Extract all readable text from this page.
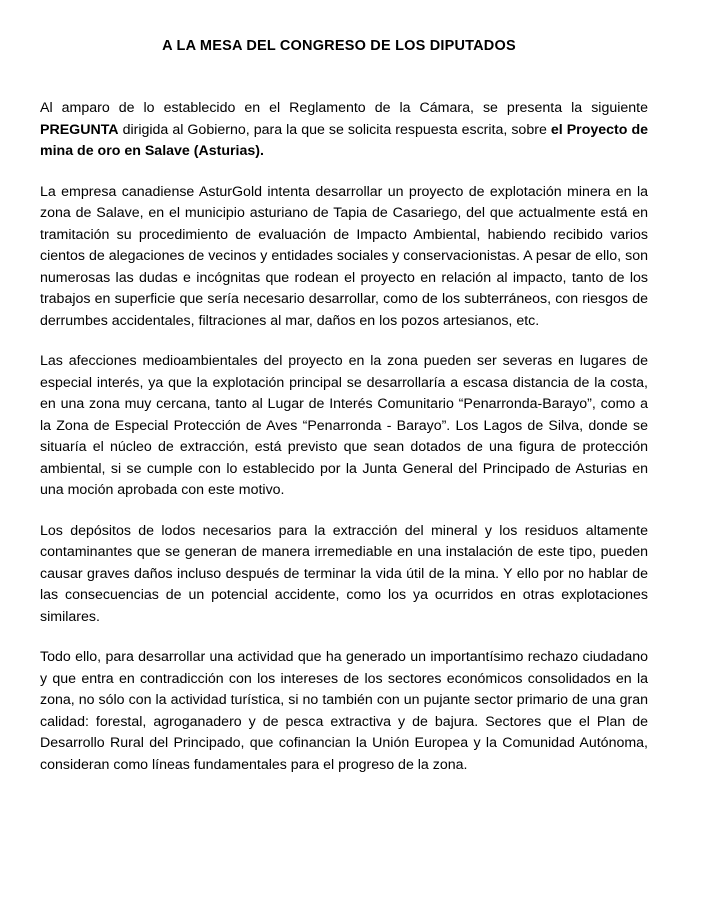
A LA MESA DEL CONGRESO DE LOS DIPUTADOS

Al amparo de lo establecido en el Reglamento de la Cámara, se presenta la siguiente PREGUNTA dirigida al Gobierno, para la que se solicita respuesta escrita, sobre el Proyecto de mina de oro en Salave (Asturias).

La empresa canadiense AsturGold intenta desarrollar un proyecto de explotación minera en la zona de Salave, en el municipio asturiano de Tapia de Casariego, del que actualmente está en tramitación su procedimiento de evaluación de Impacto Ambiental, habiendo recibido varios cientos de alegaciones de vecinos y entidades sociales y conservacionistas. A pesar de ello, son numerosas las dudas e incógnitas que rodean el proyecto en relación al impacto, tanto de los trabajos en superficie que sería necesario desarrollar, como de los subterráneos, con riesgos de derrumbes accidentales, filtraciones al mar, daños en los pozos artesianos, etc.

Las afecciones medioambientales del proyecto en la zona pueden ser severas en lugares de especial interés, ya que la explotación principal se desarrollaría a escasa distancia de la costa, en una zona muy cercana, tanto al Lugar de Interés Comunitario “Penarronda-Barayo”, como a la Zona de Especial Protección de Aves “Penarronda - Barayo”. Los Lagos de Silva, donde se situaría el núcleo de extracción, está previsto que sean dotados de una figura de protección ambiental, si se cumple con lo establecido por la Junta General del Principado de Asturias en una moción aprobada con este motivo.

Los depósitos de lodos necesarios para la extracción del mineral y los residuos altamente contaminantes que se generan de manera irremediable en una instalación de este tipo, pueden causar graves daños incluso después de terminar la vida útil de la mina. Y ello por no hablar de las consecuencias de un potencial accidente, como los ya ocurridos en otras explotaciones similares.

Todo ello, para desarrollar una actividad que ha generado un importantísimo rechazo ciudadano y que entra en contradicción con los intereses de los sectores económicos consolidados en la zona, no sólo con la actividad turística, si no también con un pujante sector primario de una gran calidad: forestal, agroganadero y de pesca extractiva y de bajura. Sectores que el Plan de Desarrollo Rural del Principado, que cofinancian la Unión Europea y la Comunidad Autónoma, consideran como líneas fundamentales para el progreso de la zona.
